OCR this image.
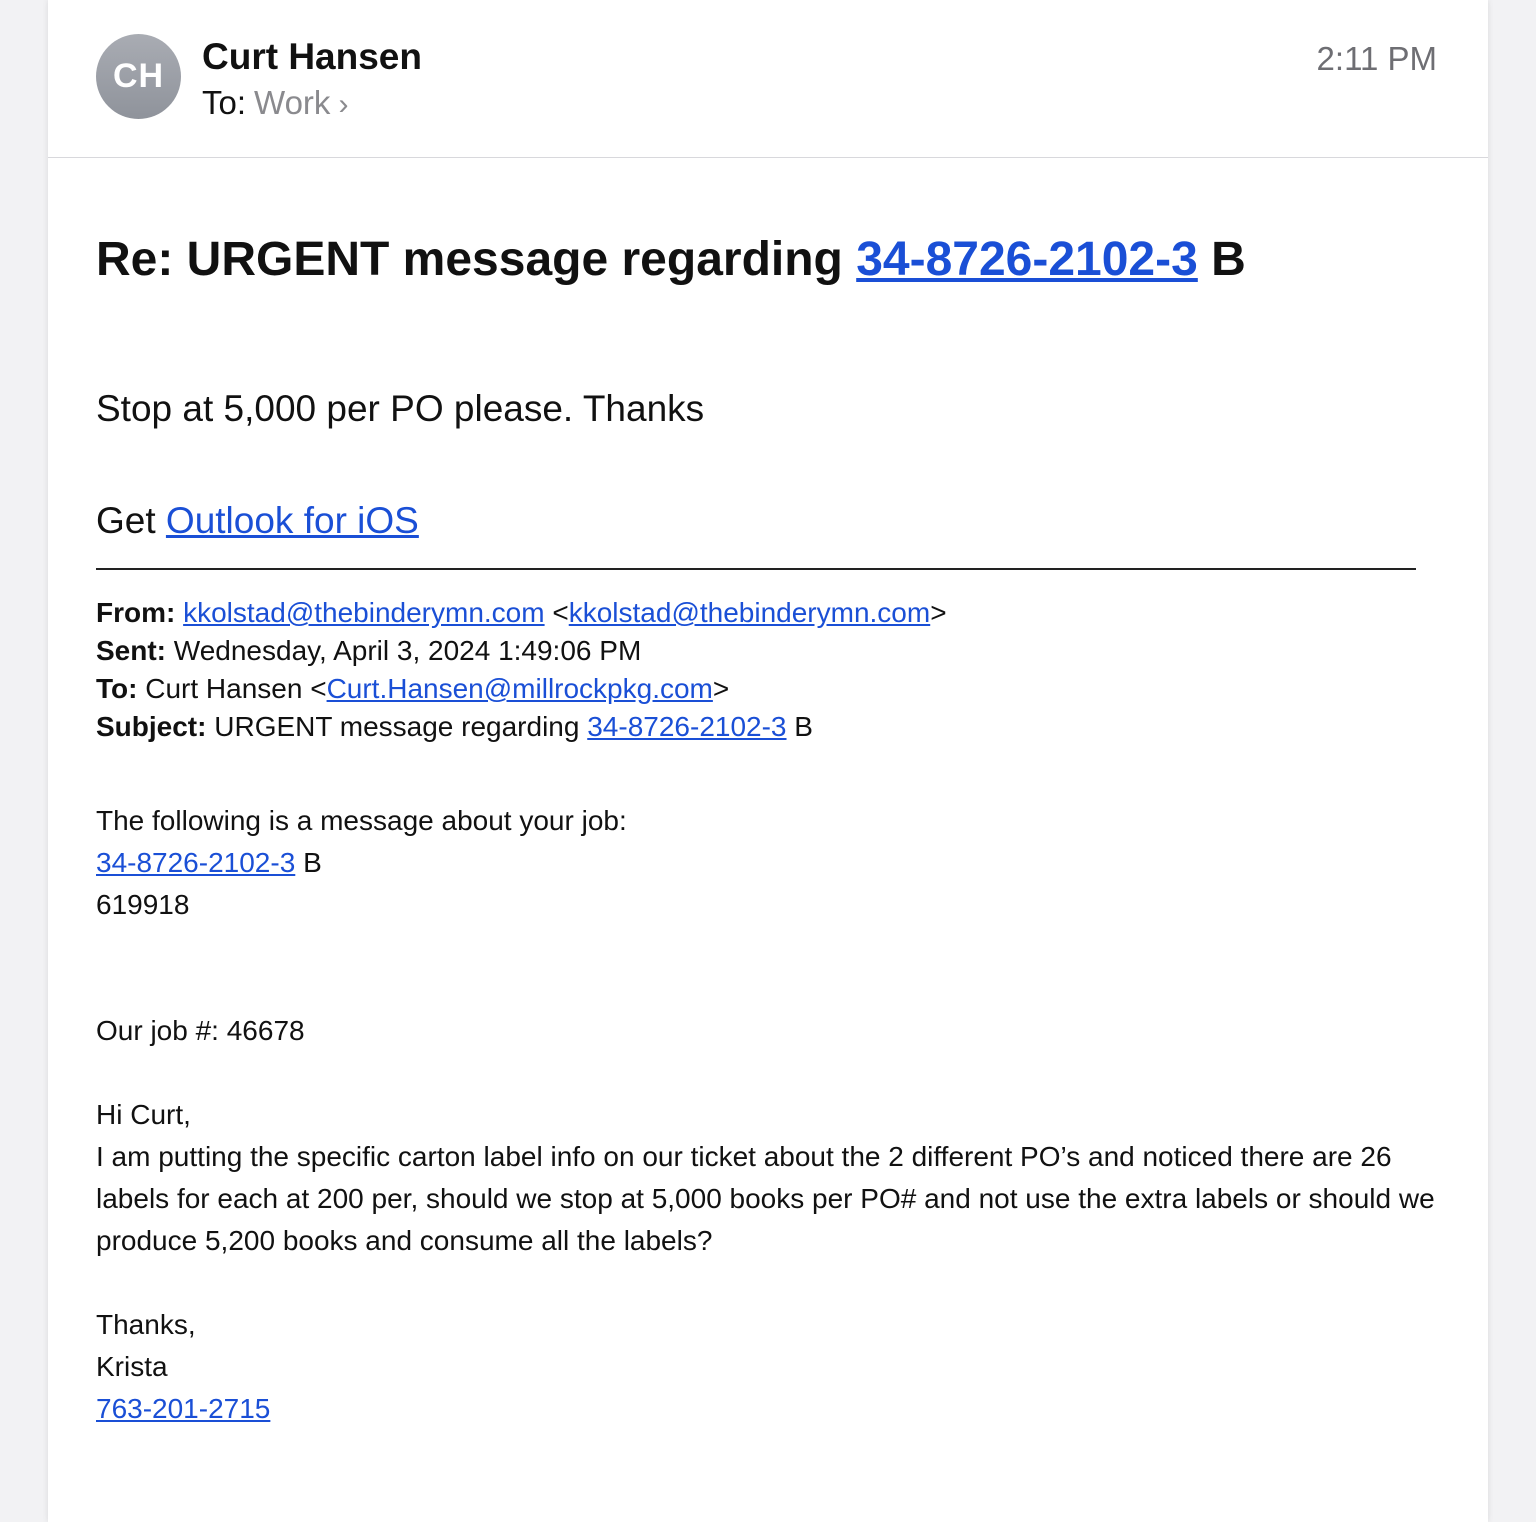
CH	Curt Hansen
To: Work ›
2:11 PM
Re: URGENT message regarding 34-8726-2102-3 B
Stop at 5,000 per PO please. Thanks
Get Outlook for iOS
From: kkolstad@thebinderymn.com <kkolstad@thebinderymn.com>
Sent: Wednesday, April 3, 2024 1:49:06 PM
To: Curt Hansen <Curt.Hansen@millrockpkg.com>
Subject: URGENT message regarding 34-8726-2102-3 B

The following is a message about your job:

34-8726-2102-3 B

619918

Our job #: 46678

Hi Curt,

I am putting the specific carton label info on our ticket about the 2 different PO’s and noticed there are 26 labels for each at 200 per, should we stop at 5,000 books per PO# and not use the extra labels or should we produce 5,200 books and consume all the labels?

Thanks,

Krista

763-201-2715
